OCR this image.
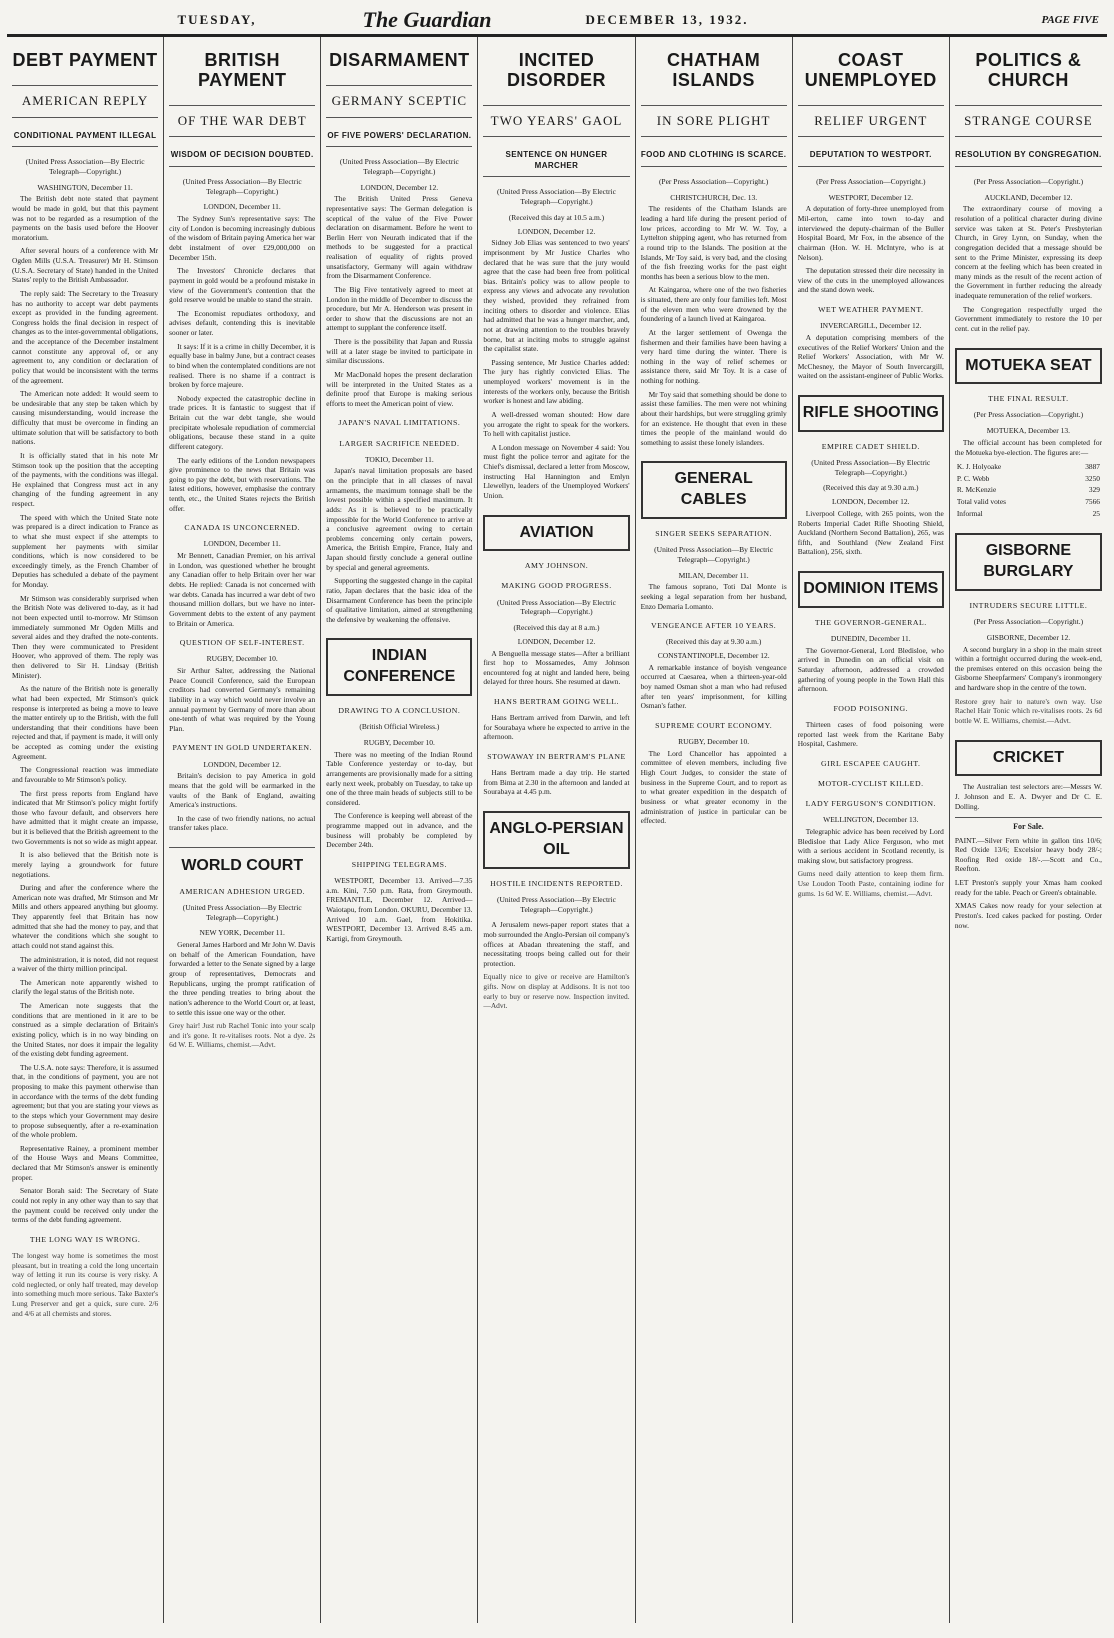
TUESDAY,	The Guardian	DECEMBER 13, 1932.	PAGE FIVE
DEBT PAYMENT
AMERICAN REPLY
CONDITIONAL PAYMENT ILLEGAL
(United Press Association—By Electric Telegraph—Copyright.)
WASHINGTON, December 11.

The British debt note stated that payment would be made in gold, but that this payment was not to be regarded as a resumption of the payments on the basis used before the Hoover moratorium.

After several hours of a conference with Mr Ogden Mills (U.S.A. Treasurer) Mr H. Stimson (U.S.A. Secretary of State) handed in the United States' reply to the British Ambassador.

The reply said: The Secretary to the Treasury has no authority to accept war debt payments except as provided in the funding agreement. Congress holds the final decision in respect of changes as to the inter-governmental obligations, and the acceptance of the December instalment cannot constitute any approval of, or any agreement to, any condition or declaration of policy that would be inconsistent with the terms of the agreement.

The American note added: It would seem to be undesirable that any step be taken which by causing misunderstanding, would increase the difficulty that must be overcome in finding an ultimate solution that will be satisfactory to both nations.

It is officially stated that in his note Mr Stimson took up the position that the accepting of the payments, with the conditions was illegal. He explained that Congress must act in any changing of the funding agreement in any respect.

The speed with which the United State note was prepared is a direct indication to France as to what she must expect if she attempts to supplement her payments with similar conditions, which is now considered to be exceedingly timely, as the French Chamber of Deputies has scheduled a debate of the payment for Monday.

Mr Stimson was considerably surprised when the British Note was delivered to-day, as it had not been expected until to-morrow. Mr Stimson immediately summoned Mr Ogden Mills and several aides and they drafted the note-contents. Then they were communicated to President Hoover, who approved of them. The reply was then delivered to Sir H. Lindsay (British Minister).

As the nature of the British note is generally what had been expected, Mr Stimson's quick response is interpreted as being a move to leave the matter entirely up to the British, with the full understanding that their conditions have been rejected and that, if payment is made, it will only be accepted as coming under the existing Agreement.

The Congressional reaction was immediate and favourable to Mr Stimson's policy.

The first press reports from England have indicated that Mr Stimson's policy might fortify those who favour default, and observers here have admitted that it might create an impasse, but it is believed that the British agreement to the two Governments is not so wide as might appear.

It is also believed that the British note is merely laying a groundwork for future negotiations.

During and after the conference where the American note was drafted, Mr Stimson and Mr Mills and others appeared anything but gloomy. They apparently feel that Britain has now admitted that she had the money to pay, and that whatever the conditions which she sought to attach could not stand against this.

The administration, it is noted, did not request a waiver of the thirty million principal.

The American note apparently wished to clarify the legal status of the British note.

The American note suggests that the conditions that are mentioned in it are to be construed as a simple declaration of Britain's existing policy, which is in no way binding on the United States, nor does it impair the legality of the existing debt funding agreement.

The U.S.A. note says: Therefore, it is assumed that, in the conditions of payment, you are not proposing to make this payment otherwise than in accordance with the terms of the debt funding agreement; but that you are stating your views as to the steps which your Government may desire to propose subsequently, after a re-examination of the whole problem.

Representative Rainey, a prominent member of the House Ways and Means Committee, declared that Mr Stimson's answer is eminently proper.

Senator Borah said: The Secretary of State could not reply in any other way than to say that the payment could be received only under the terms of the debt funding agreement.

THE LONG WAY IS WRONG.

The longest way home is sometimes the most pleasant, but in treating a cold the long uncertain way of letting it run its course is very risky. A cold neglected, or only half treated, may develop into something much more serious. Take Baxter's Lung Preserver and get a quick, sure cure. 2/6 and 4/6 at all chemists and stores.

BRITISH PAYMENT
OF THE WAR DEBT
WISDOM OF DECISION DOUBTED.
(United Press Association—By Electric Telegraph—Copyright.)
LONDON, December 11.

The Sydney Sun's representative says: The city of London is becoming increasingly dubious of the wisdom of Britain paying America her war debt instalment of over £29,000,000 on December 15th.

The Investors' Chronicle declares that payment in gold would be a profound mistake in view of the Government's contention that the gold reserve would be unable to stand the strain.

The Economist repudiates orthodoxy, and advises default, contending this is inevitable sooner or later.

It says: If it is a crime in chilly December, it is equally base in balmy June, but a contract ceases to bind when the contemplated conditions are not realised. There is no shame if a contract is broken by force majeure.

Nobody expected the catastrophic decline in trade prices. It is fantastic to suggest that if Britain cut the war debt tangle, she would precipitate wholesale repudiation of commercial obligations, because these stand in a quite different category.

The early editions of the London newspapers give prominence to the news that Britain was going to pay the debt, but with reservations. The latest editions, however, emphasise the contrary tenth, etc., the United States rejects the British offer.

CANADA IS UNCONCERNED.
LONDON, December 11.

Mr Bennett, Canadian Premier, on his arrival in London, was questioned whether he brought any Canadian offer to help Britain over her war debts. He replied: Canada is not concerned with war debts. Canada has incurred a war debt of two thousand million dollars, but we have no inter-Government debts to the extent of any payment to Britain or America.

QUESTION OF SELF-INTEREST.
RUGBY, December 10.

Sir Arthur Salter, addressing the National Peace Council Conference, said the European creditors had converted Germany's remaining liability in a way which would never involve an annual payment by Germany of more than about one-tenth of what was required by the Young Plan.

PAYMENT IN GOLD UNDERTAKEN.
LONDON, December 12.

Britain's decision to pay America in gold means that the gold will be earmarked in the vaults of the Bank of England, awaiting America's instructions.

In the case of two friendly nations, no actual transfer takes place.

WORLD COURT
AMERICAN ADHESION URGED.
(United Press Association—By Electric Telegraph—Copyright.)
NEW YORK, December 11.

General James Harbord and Mr John W. Davis on behalf of the American Foundation, have forwarded a letter to the Senate signed by a large group of representatives, Democrats and Republicans, urging the prompt ratification of the three pending treaties to bring about the nation's adherence to the World Court or, at least, to settle this issue one way or the other.

Grey hair! Just rub Rachel Tonic into your scalp and it's gone. It re-vitalises roots. Not a dye. 2s 6d W. E. Williams, chemist.—Advt.

DISARMAMENT
GERMANY SCEPTIC
OF FIVE POWERS' DECLARATION.
(United Press Association—By Electric Telegraph—Copyright.)
LONDON, December 12.

The British United Press Geneva representative says: The German delegation is sceptical of the value of the Five Power declaration on disarmament. Before he went to Berlin Herr von Neurath indicated that if the methods to be suggested for a practical realisation of equality of rights proved unsatisfactory, Germany will again withdraw from the Disarmament Conference.

The Big Five tentatively agreed to meet at London in the middle of December to discuss the procedure, but Mr A. Henderson was present in order to show that the discussions are not an attempt to supplant the conference itself.

There is the possibility that Japan and Russia will at a later stage be invited to participate in similar discussions.

Mr MacDonald hopes the present declaration will be interpreted in the United States as a definite proof that Europe is making serious efforts to meet the American point of view.

JAPAN'S NAVAL LIMITATIONS.
LARGER SACRIFICE NEEDED.
TOKIO, December 11.

Japan's naval limitation proposals are based on the principle that in all classes of naval armaments, the maximum tonnage shall be the lowest possible within a specified maximum. It adds: As it is believed to be practically impossible for the World Conference to arrive at a conclusive agreement owing to certain problems concerning only certain powers, America, the British Empire, France, Italy and Japan should firstly conclude a general outline by special and general agreements.

Supporting the suggested change in the capital ratio, Japan declares that the basic idea of the Disarmament Conference has been the principle of qualitative limitation, aimed at strengthening the defensive by weakening the offensive.

INDIAN CONFERENCE
DRAWING TO A CONCLUSION.
(British Official Wireless.)
RUGBY, December 10.

There was no meeting of the Indian Round Table Conference yesterday or to-day, but arrangements are provisionally made for a sitting early next week, probably on Tuesday, to take up one of the three main heads of subjects still to be considered.

The Conference is keeping well abreast of the programme mapped out in advance, and the business will probably be completed by December 24th.

SHIPPING TELEGRAMS.

WESTPORT, December 13. Arrived—7.35 a.m. Kini, 7.50 p.m. Rata, from Greymouth. FREMANTLE, December 12. Arrived—Waiotapu, from London. OKURU, December 13. Arrived 10 a.m. Gael, from Hokitika. WESTPORT, December 13. Arrived 8.45 a.m. Kartigi, from Greymouth.

INCITED DISORDER
TWO YEARS' GAOL
SENTENCE ON HUNGER MARCHER
(United Press Association—By Electric Telegraph—Copyright.)
(Received this day at 10.5 a.m.)
LONDON, December 12.

Sidney Job Elias was sentenced to two years' imprisonment by Mr Justice Charles who declared that he was sure that the jury would agree that the case had been free from political bias. Britain's policy was to allow people to express any views and advocate any revolution they wished, provided they refrained from inciting others to disorder and violence. Elias had admitted that he was a hunger marcher, and, not at drawing attention to the troubles bravely borne, but at inciting mobs to struggle against the capitalist state.

Passing sentence, Mr Justice Charles added: The jury has rightly convicted Elias. The unemployed workers' movement is in the interests of the workers only, because the British worker is honest and law abiding.

A well-dressed woman shouted: How dare you arrogate the right to speak for the workers. To hell with capitalist justice.

A London message on November 4 said: You must fight the police terror and agitate for the Chief's dismissal, declared a letter from Moscow, instructing Hal Hannington and Emlyn Llewellyn, leaders of the Unemployed Workers' Union.

AVIATION
AMY JOHNSON.
MAKING GOOD PROGRESS.
(United Press Association—By Electric Telegraph—Copyright.)
(Received this day at 8 a.m.)
LONDON, December 12.

A Benguella message states—After a brilliant first hop to Mossamedes, Amy Johnson encountered fog at night and landed here, being delayed for three hours. She resumed at dawn.

HANS BERTRAM GOING WELL.

Hans Bertram arrived from Darwin, and left for Sourabaya where he expected to arrive in the afternoon.

STOWAWAY IN BERTRAM'S PLANE

Hans Bertram made a day trip. He started from Bima at 2.30 in the afternoon and landed at Sourabaya at 4.45 p.m.

ANGLO-PERSIAN OIL
HOSTILE INCIDENTS REPORTED.
(United Press Association—By Electric Telegraph—Copyright.)

A Jerusalem news-paper report states that a mob surrounded the Anglo-Persian oil company's offices at Abadan threatening the staff, and necessitating troops being called out for their protection.

Equally nice to give or receive are Hamilton's gifts. Now on display at Addisons. It is not too early to buy or reserve now. Inspection invited.—Advt.

CHATHAM ISLANDS
IN SORE PLIGHT
FOOD AND CLOTHING IS SCARCE.
(Per Press Association—Copyright.)
CHRISTCHURCH, Dec. 13.

The residents of the Chatham Islands are leading a hard life during the present period of low prices, according to Mr W. W. Toy, a Lyttelton shipping agent, who has returned from a round trip to the Islands. The position at the Islands, Mr Toy said, is very bad, and the closing of the fish freezing works for the past eight months has been a serious blow to the men.

At Kaingaroa, where one of the two fisheries is situated, there are only four families left. Most of the eleven men who were drowned by the foundering of a launch lived at Kaingaroa.

At the larger settlement of Owenga the fishermen and their families have been having a very hard time during the winter. There is nothing in the way of relief schemes or assistance there, said Mr Toy. It is a case of nothing for nothing.

Mr Toy said that something should be done to assist these families. The men were not whining about their hardships, but were struggling grimly for an existence. He thought that even in these times the people of the mainland would do something to assist these lonely islanders.

GENERAL CABLES
SINGER SEEKS SEPARATION.
(United Press Association—By Electric Telegraph—Copyright.)
MILAN, December 11.

The famous soprano, Toti Dal Monte is seeking a legal separation from her husband, Enzo Demaria Lomanto.

VENGEANCE AFTER 10 YEARS.
(Received this day at 9.30 a.m.)
CONSTANTINOPLE, December 12.

A remarkable instance of boyish vengeance occurred at Caesarea, when a thirteen-year-old boy named Osman shot a man who had refused after ten years' imprisonment, for killing Osman's father.

SUPREME COURT ECONOMY.
RUGBY, December 10.

The Lord Chancellor has appointed a committee of eleven members, including five High Court Judges, to consider the state of business in the Supreme Court, and to report as to what greater expedition in the despatch of business or what greater economy in the administration of justice in particular can be effected.

COAST UNEMPLOYED
RELIEF URGENT
DEPUTATION TO WESTPORT.
(Per Press Association—Copyright.)
WESTPORT, December 12.

A deputation of forty-three unemployed from Mil-erton, came into town to-day and interviewed the deputy-chairman of the Buller Hospital Board, Mr Fox, in the absence of the chairman (Hon. W. H. McIntyre, who is at Nelson).

The deputation stressed their dire necessity in view of the cuts in the unemployed allowances and the stand down week.

WET WEATHER PAYMENT.
INVERCARGILL, December 12.

A deputation comprising members of the executives of the Relief Workers' Union and the Relief Workers' Association, with Mr W. McChesney, the Mayor of South Invercargill, waited on the assistant-engineer of Public Works.

RIFLE SHOOTING
EMPIRE CADET SHIELD.
(United Press Association—By Electric Telegraph—Copyright.)
(Received this day at 9.30 a.m.)
LONDON, December 12.

Liverpool College, with 265 points, won the Roberts Imperial Cadet Rifle Shooting Shield, Auckland (Northern Second Battalion), 265, was fifth, and Southland (New Zealand First Battalion), 256, sixth.

DOMINION ITEMS
THE GOVERNOR-GENERAL.
DUNEDIN, December 11.

The Governor-General, Lord Bledisloe, who arrived in Dunedin on an official visit on Saturday afternoon, addressed a crowded gathering of young people in the Town Hall this afternoon.

FOOD POISONING.

Thirteen cases of food poisoning were reported last week from the Karitane Baby Hospital, Cashmere.

GIRL ESCAPEE CAUGHT.
MOTOR-CYCLIST KILLED.
LADY FERGUSON'S CONDITION.
WELLINGTON, December 13.

Telegraphic advice has been received by Lord Bledisloe that Lady Alice Ferguson, who met with a serious accident in Scotland recently, is making slow, but satisfactory progress.

Gums need daily attention to keep them firm. Use Loudon Tooth Paste, containing iodine for gums. 1s 6d W. E. Williams, chemist.—Advt.

POLITICS & CHURCH
STRANGE COURSE
RESOLUTION BY CONGREGATION.
(Per Press Association—Copyright.)
AUCKLAND, December 12.

The extraordinary course of moving a resolution of a political character during divine service was taken at St. Peter's Presbyterian Church, in Grey Lynn, on Sunday, when the congregation decided that a message should be sent to the Prime Minister, expressing its deep concern at the feeling which has been created in many minds as the result of the recent action of the Government in further reducing the already inadequate remuneration of the relief workers.

The Congregation respectfully urged the Government immediately to restore the 10 per cent. cut in the relief pay.

MOTUEKA SEAT
THE FINAL RESULT.
(Per Press Association—Copyright.)
MOTUEKA, December 13.

The official account has been completed for the Motueka bye-election. The figures are:—

K. J. Holyoake	3887
P. C. Webb	3250
R. McKenzie	329
Total valid votes	7566
Informal	25
GISBORNE BURGLARY
INTRUDERS SECURE LITTLE.
(Per Press Association—Copyright.)
GISBORNE, December 12.

A second burglary in a shop in the main street within a fortnight occurred during the week-end, the premises entered on this occasion being the Gisborne Sheepfarmers' Company's ironmongery and hardware shop in the centre of the town.

Restore grey hair to nature's own way. Use Rachel Hair Tonic which re-vitalises roots. 2s 6d bottle W. E. Williams, chemist.—Advt.

CRICKET

The Australian test selectors are:—Messrs W. J. Johnson and E. A. Dwyer and Dr C. E. Dolling.

For Sale.

PAINT.—Silver Fern white in gallon tins 10/6; Red Oxide 13/6; Excelsior heavy body 28/-; Roofing Red oxide 18/-.—Scott and Co., Reefton.

LET Preston's supply your Xmas ham cooked ready for the table. Peach or Green's obtainable.

XMAS Cakes now ready for your selection at Preston's. Iced cakes packed for posting. Order now.
